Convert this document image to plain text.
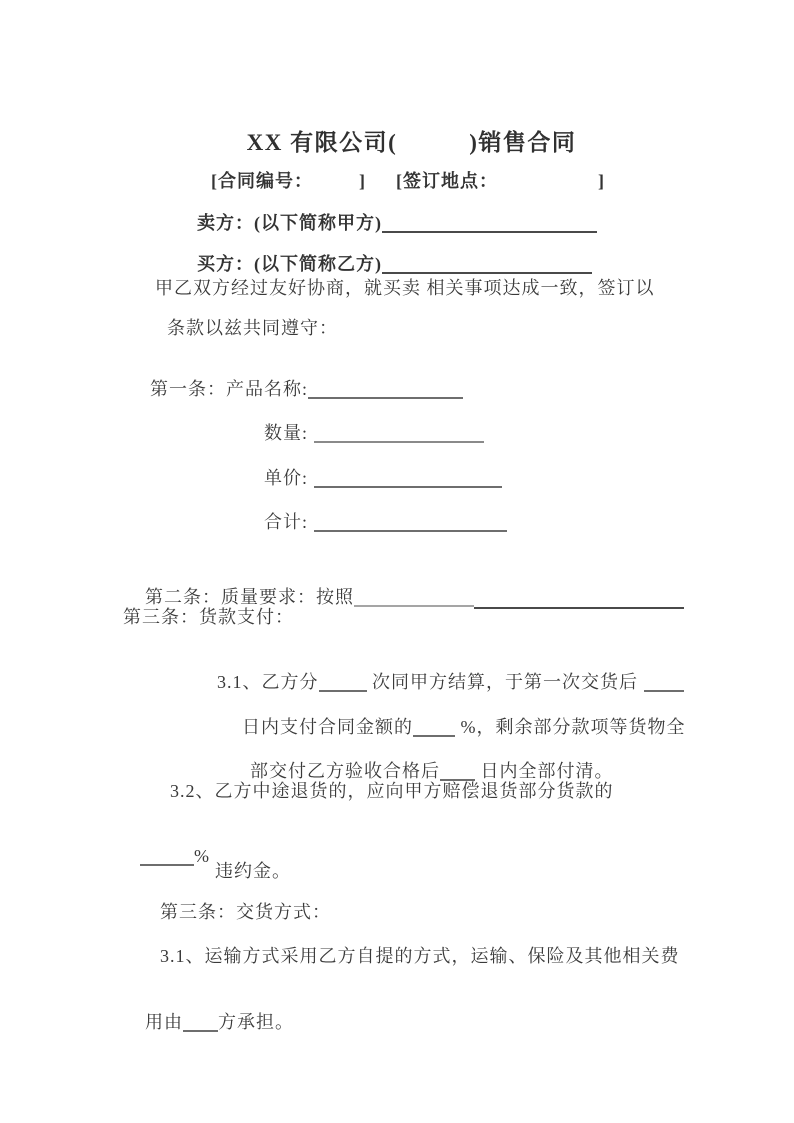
XX 有限公司(	)销售合同

[合同编号：	] [签订地点：	]

卖方：(以下简称甲方)

买方：(以下简称乙方)

甲乙双方经过友好协商，就买卖 相关事项达成一致，签订以
条款以兹共同遵守：

第一条：产品名称:

数量:

单价:

合计:

第二条：质量要求：按照

第三条：货款支付：

3.1、乙方分	次同甲方结算，于第一次交货后

日内支付合同金额的 %，剩余部分款项等货物全

部交付乙方验收合格后 日内全部付清。

3.2、乙方中途退货的，应向甲方赔偿退货部分货款的

%

违约金。
第三条：交货方式：
3.1、运输方式采用乙方自提的方式，运输、保险及其他相关费

用由 方承担。
